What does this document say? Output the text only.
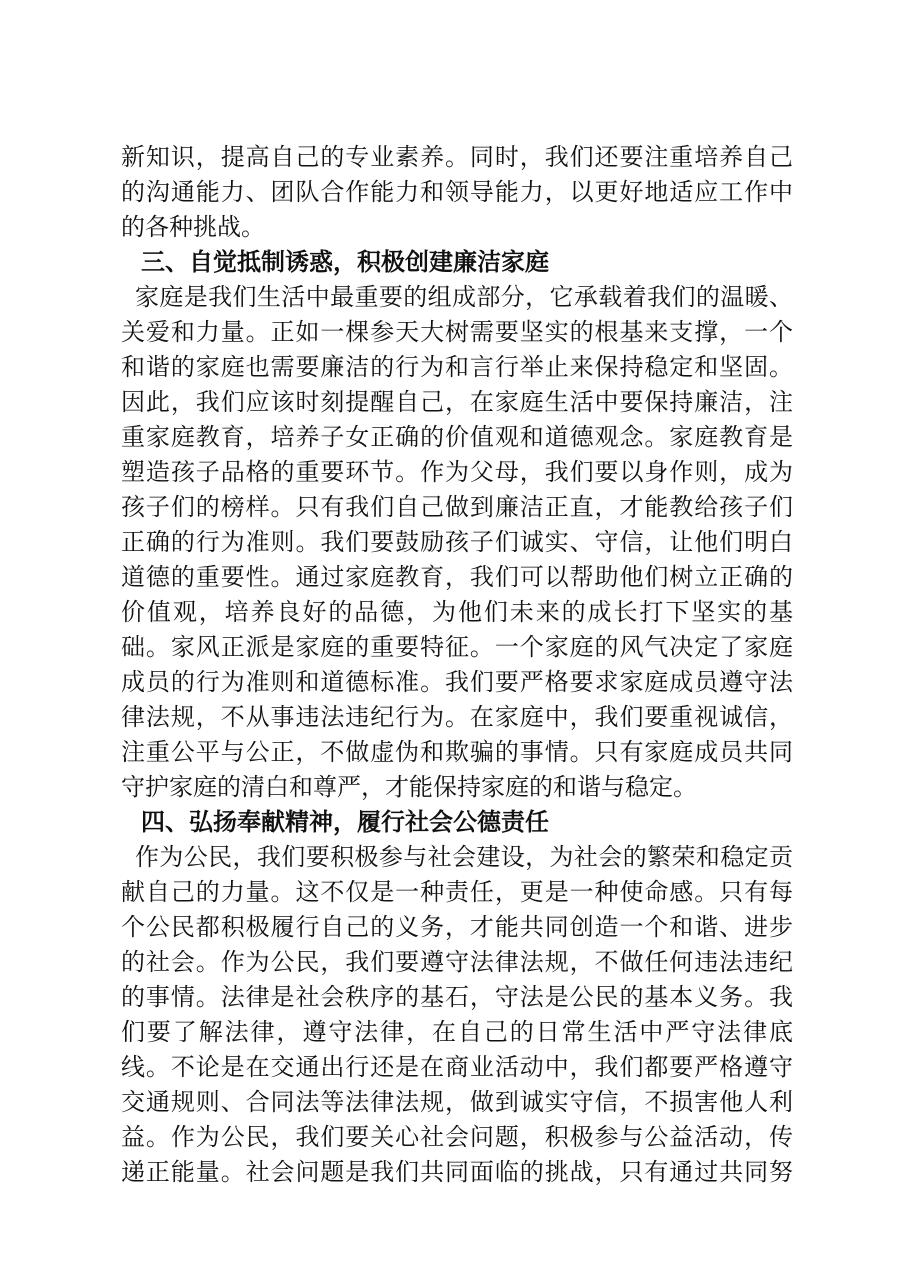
新知识，提高自己的专业素养。同时，我们还要注重培养自己
的沟通能力、团队合作能力和领导能力，以更好地适应工作中
的各种挑战。
三、自觉抵制诱惑，积极创建廉洁家庭
家庭是我们生活中最重要的组成部分，它承载着我们的温暖、
关爱和力量。正如一棵参天大树需要坚实的根基来支撑，一个
和谐的家庭也需要廉洁的行为和言行举止来保持稳定和坚固。
因此，我们应该时刻提醒自己，在家庭生活中要保持廉洁，注
重家庭教育，培养子女正确的价值观和道德观念。家庭教育是
塑造孩子品格的重要环节。作为父母，我们要以身作则，成为
孩子们的榜样。只有我们自己做到廉洁正直，才能教给孩子们
正确的行为准则。我们要鼓励孩子们诚实、守信，让他们明白
道德的重要性。通过家庭教育，我们可以帮助他们树立正确的
价值观，培养良好的品德，为他们未来的成长打下坚实的基
础。家风正派是家庭的重要特征。一个家庭的风气决定了家庭
成员的行为准则和道德标准。我们要严格要求家庭成员遵守法
律法规，不从事违法违纪行为。在家庭中，我们要重视诚信，
注重公平与公正，不做虚伪和欺骗的事情。只有家庭成员共同
守护家庭的清白和尊严，才能保持家庭的和谐与稳定。
四、弘扬奉献精神，履行社会公德责任
作为公民，我们要积极参与社会建设，为社会的繁荣和稳定贡
献自己的力量。这不仅是一种责任，更是一种使命感。只有每
个公民都积极履行自己的义务，才能共同创造一个和谐、进步
的社会。作为公民，我们要遵守法律法规，不做任何违法违纪
的事情。法律是社会秩序的基石，守法是公民的基本义务。我
们要了解法律，遵守法律，在自己的日常生活中严守法律底
线。不论是在交通出行还是在商业活动中，我们都要严格遵守
交通规则、合同法等法律法规，做到诚实守信，不损害他人利
益。作为公民，我们要关心社会问题，积极参与公益活动，传
递正能量。社会问题是我们共同面临的挑战，只有通过共同努
